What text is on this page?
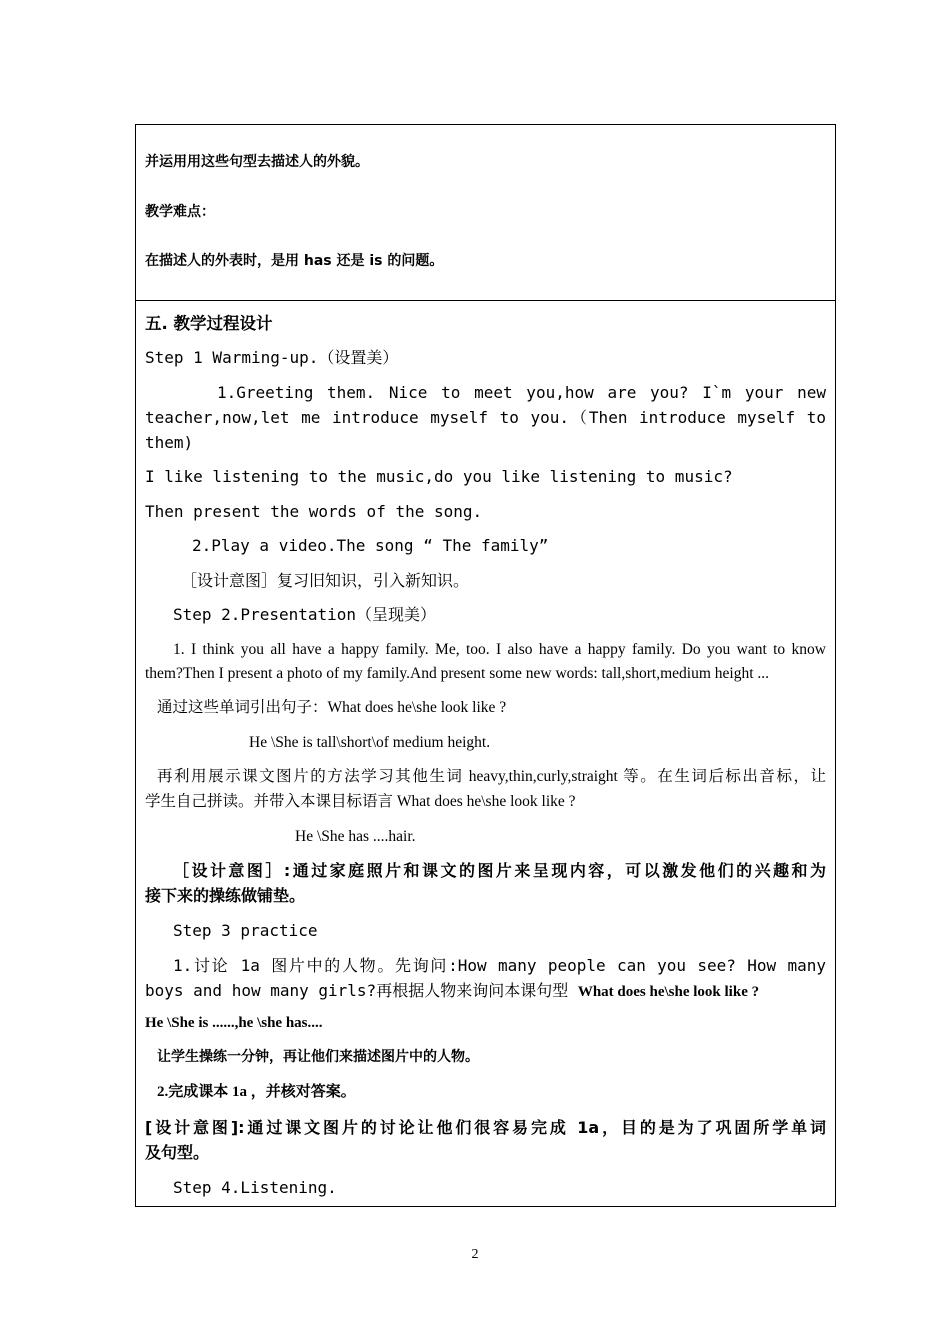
并运用用这些句型去描述人的外貌。
教学难点：
在描述人的外表时，是用 has 还是 is 的问题。
五. 教学过程设计
Step 1 Warming-up.（设置美）
1.Greeting them. Nice to meet you,how are you? I`m your new
teacher,now,let me introduce myself to you.（Then introduce myself to
them)
I like listening to the music,do you like listening to music?
Then present the words of the song.
2.Play a video.The song “ The family”
［设计意图］复习旧知识，引入新知识。
Step 2.Presentation（呈现美）
1. I think you all have a happy family. Me, too. I also have a happy family. Do you want to know
them?Then I present a photo of my family.And present some new words: tall,short,medium height ...
通过这些单词引出句子：What does he\she look like ?
He \She is tall\short\of medium height.
再利用展示课文图片的方法学习其他生词 heavy,thin,curly,straight 等。在生词后标出音标，让
学生自己拼读。并带入本课目标语言 What does he\she look like ?
He \She has ....hair.
［设计意图］:通过家庭照片和课文的图片来呈现内容，可以激发他们的兴趣和为
接下来的操练做铺垫。
Step 3 practice
1.讨论 1a 图片中的人物。先询问:How many people can you see? How many
boys and how many girls?再根据人物来询问本课句型 What does he\she look like ?
He \She is ......,he \she has....
让学生操练一分钟，再让他们来描述图片中的人物。
2.完成课本 1a ，并核对答案。
[设计意图]:通过课文图片的讨论让他们很容易完成 1a，目的是为了巩固所学单词
及句型。
Step 4.Listening.
2
